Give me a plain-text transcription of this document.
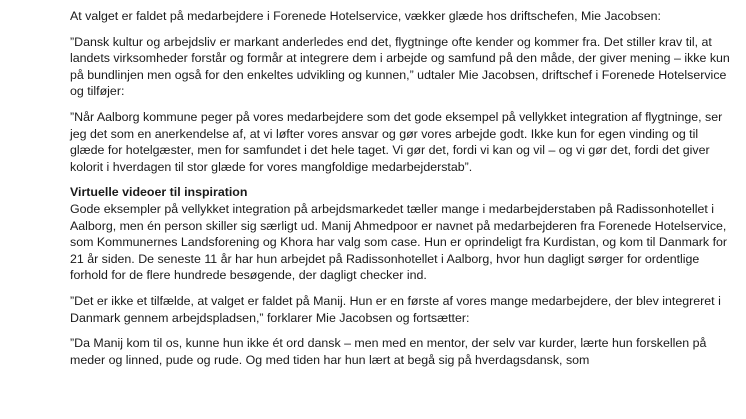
At valget er faldet på medarbejdere i Forenede Hotelservice, vækker glæde hos driftschefen, Mie Jacobsen:

”Dansk kultur og arbejdsliv er markant anderledes end det, flygtninge ofte kender og kommer fra. Det stiller krav til, at landets virksomheder forstår og formår at integrere dem i arbejde og samfund på den måde, der giver mening – ikke kun på bundlinjen men også for den enkeltes udvikling og kunnen,” udtaler Mie Jacobsen, driftschef i Forenede Hotelservice og tilføjer:

”Når Aalborg kommune peger på vores medarbejdere som det gode eksempel på vellykket integration af flygtninge, ser jeg det som en anerkendelse af, at vi løfter vores ansvar og gør vores arbejde godt. Ikke kun for egen vinding og til glæde for hotelgæster, men for samfundet i det hele taget. Vi gør det, fordi vi kan og vil – og vi gør det, fordi det giver kolorit i hverdagen til stor glæde for vores mangfoldige medarbejderstab”.

Virtuelle videoer til inspiration

Gode eksempler på vellykket integration på arbejdsmarkedet tæller mange i medarbejderstaben på Radissonhotellet i Aalborg, men én person skiller sig særligt ud. Manij Ahmedpoor er navnet på medarbejderen fra Forenede Hotelservice, som Kommunernes Landsforening og Khora har valg som case. Hun er oprindeligt fra Kurdistan, og kom til Danmark for 21 år siden. De seneste 11 år har hun arbejdet på Radissonhotellet i Aalborg, hvor hun dagligt sørger for ordentlige forhold for de flere hundrede besøgende, der dagligt checker ind.

”Det er ikke et tilfælde, at valget er faldet på Manij. Hun er en første af vores mange medarbejdere, der blev integreret i Danmark gennem arbejdspladsen,” forklarer Mie Jacobsen og fortsætter:

”Da Manij kom til os, kunne hun ikke ét ord dansk – men med en mentor, der selv var kurder, lærte hun forskellen på meder og linned, pude og rude. Og med tiden har hun lært at begå sig på hverdagsdansk, som
